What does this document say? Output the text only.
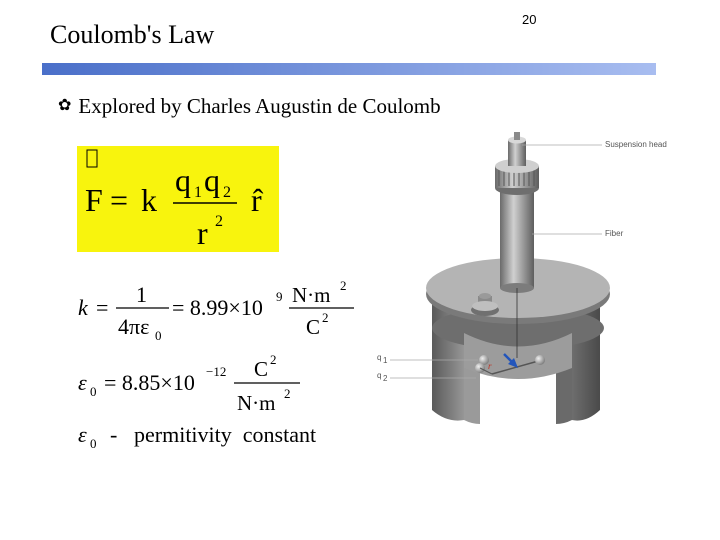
Coulomb's Law
20
✿ Explored by Charles Augustin de Coulomb
F = k
q 1 q 2
r 2
r̂
k =
1
4πε 0
= 8.99×10 9 N·m 2
C 2
ε 0 = 8.85×10 −12 C 2
N·m 2
ε 0 - permitivity  constant
r
Suspension head
Fiber
q 1
q 2
